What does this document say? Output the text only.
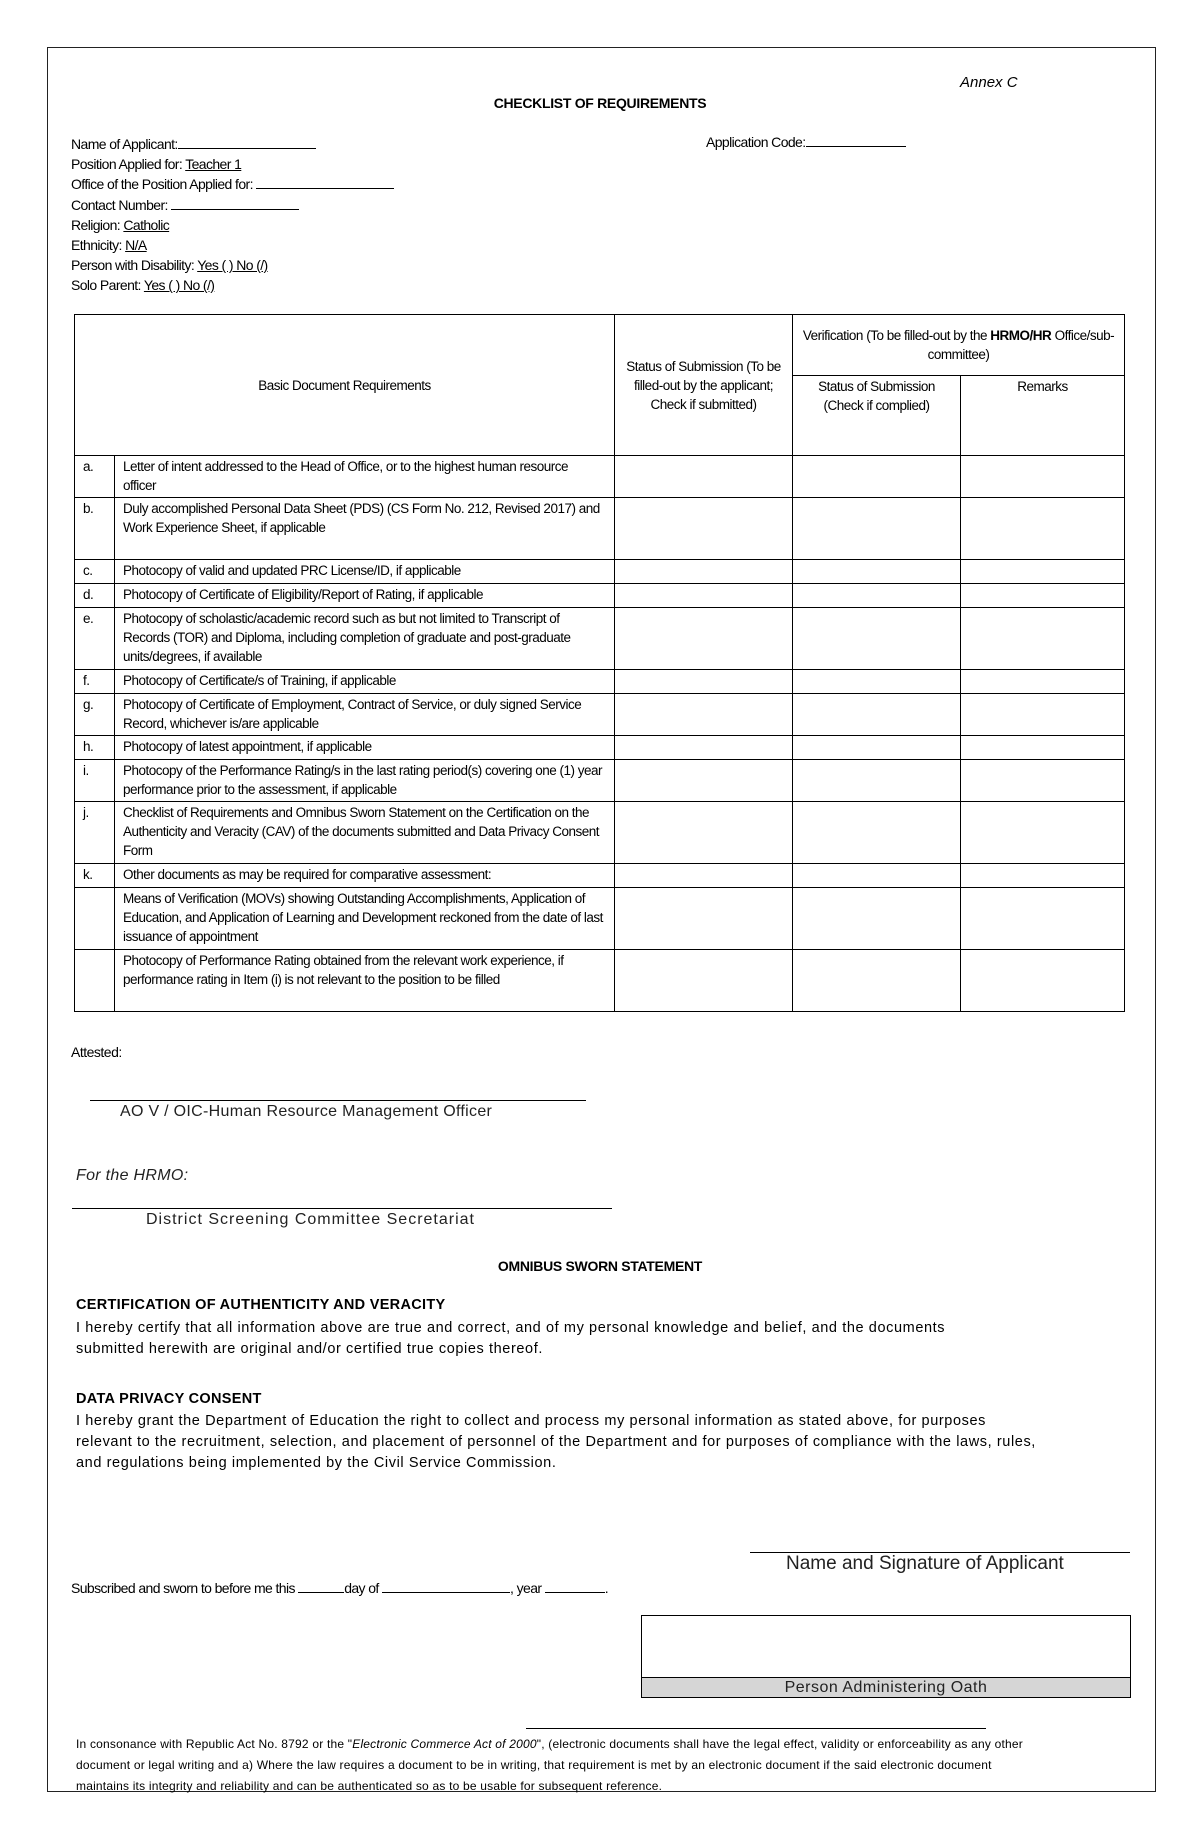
Annex C
CHECKLIST OF REQUIREMENTS
Name of Applicant:
Position Applied for: Teacher 1
Office of the Position Applied for:
Contact Number:
Religion: Catholic
Ethnicity: N/A
Person with Disability: Yes ( ) No (/)
Solo Parent: Yes ( ) No (/)
Application Code:
Basic Document Requirements		Status of Submission (To be filled-out by the applicant; Check if submitted)	Verification (To be filled-out by the HRMO/HR Office/sub-committee)	
			Status of Submission (Check if complied)	Remarks
a.	Letter of intent addressed to the Head of Office, or to the highest human resource officer			
b.	Duly accomplished Personal Data Sheet (PDS) (CS Form No. 212, Revised 2017) and Work Experience Sheet, if applicable			
c.	Photocopy of valid and updated PRC License/ID, if applicable			
d.	Photocopy of Certificate of Eligibility/Report of Rating, if applicable			
e.	Photocopy of scholastic/academic record such as but not limited to Transcript of Records (TOR) and Diploma, including completion of graduate and post-graduate units/degrees, if available			
f.	Photocopy of Certificate/s of Training, if applicable			
g.	Photocopy of Certificate of Employment, Contract of Service, or duly signed Service Record, whichever is/are applicable			
h.	Photocopy of latest appointment, if applicable			
i.	Photocopy of the Performance Rating/s in the last rating period(s) covering one (1) year performance prior to the assessment, if applicable			
j.	Checklist of Requirements and Omnibus Sworn Statement on the Certification on the Authenticity and Veracity (CAV) of the documents submitted and Data Privacy Consent Form			
k.	Other documents as may be required for comparative assessment:			
	Means of Verification (MOVs) showing Outstanding Accomplishments, Application of Education, and Application of Learning and Development reckoned from the date of last issuance of appointment			
	Photocopy of Performance Rating obtained from the relevant work experience, if performance rating in Item (i) is not relevant to the position to be filled			
Attested:
AO V / OIC-Human Resource Management Officer
For the HRMO:
District Screening Committee Secretariat
OMNIBUS SWORN STATEMENT
CERTIFICATION OF AUTHENTICITY AND VERACITY
I hereby certify that all information above are true and correct, and of my personal knowledge and belief, and the documents submitted herewith are original and/or certified true copies thereof.
DATA PRIVACY CONSENT
I hereby grant the Department of Education the right to collect and process my personal information as stated above, for purposes relevant to the recruitment, selection, and placement of personnel of the Department and for purposes of compliance with the laws, rules, and regulations being implemented by the Civil Service Commission.
Name and Signature of Applicant
Subscribed and sworn to before me this	day of	, year	.
Person Administering Oath
In consonance with Republic Act No. 8792 or the "Electronic Commerce Act of 2000", (electronic documents shall have the legal effect, validity or enforceability as any other document or legal writing and a) Where the law requires a document to be in writing, that requirement is met by an electronic document if the said electronic document maintains its integrity and reliability and can be authenticated so as to be usable for subsequent reference.
